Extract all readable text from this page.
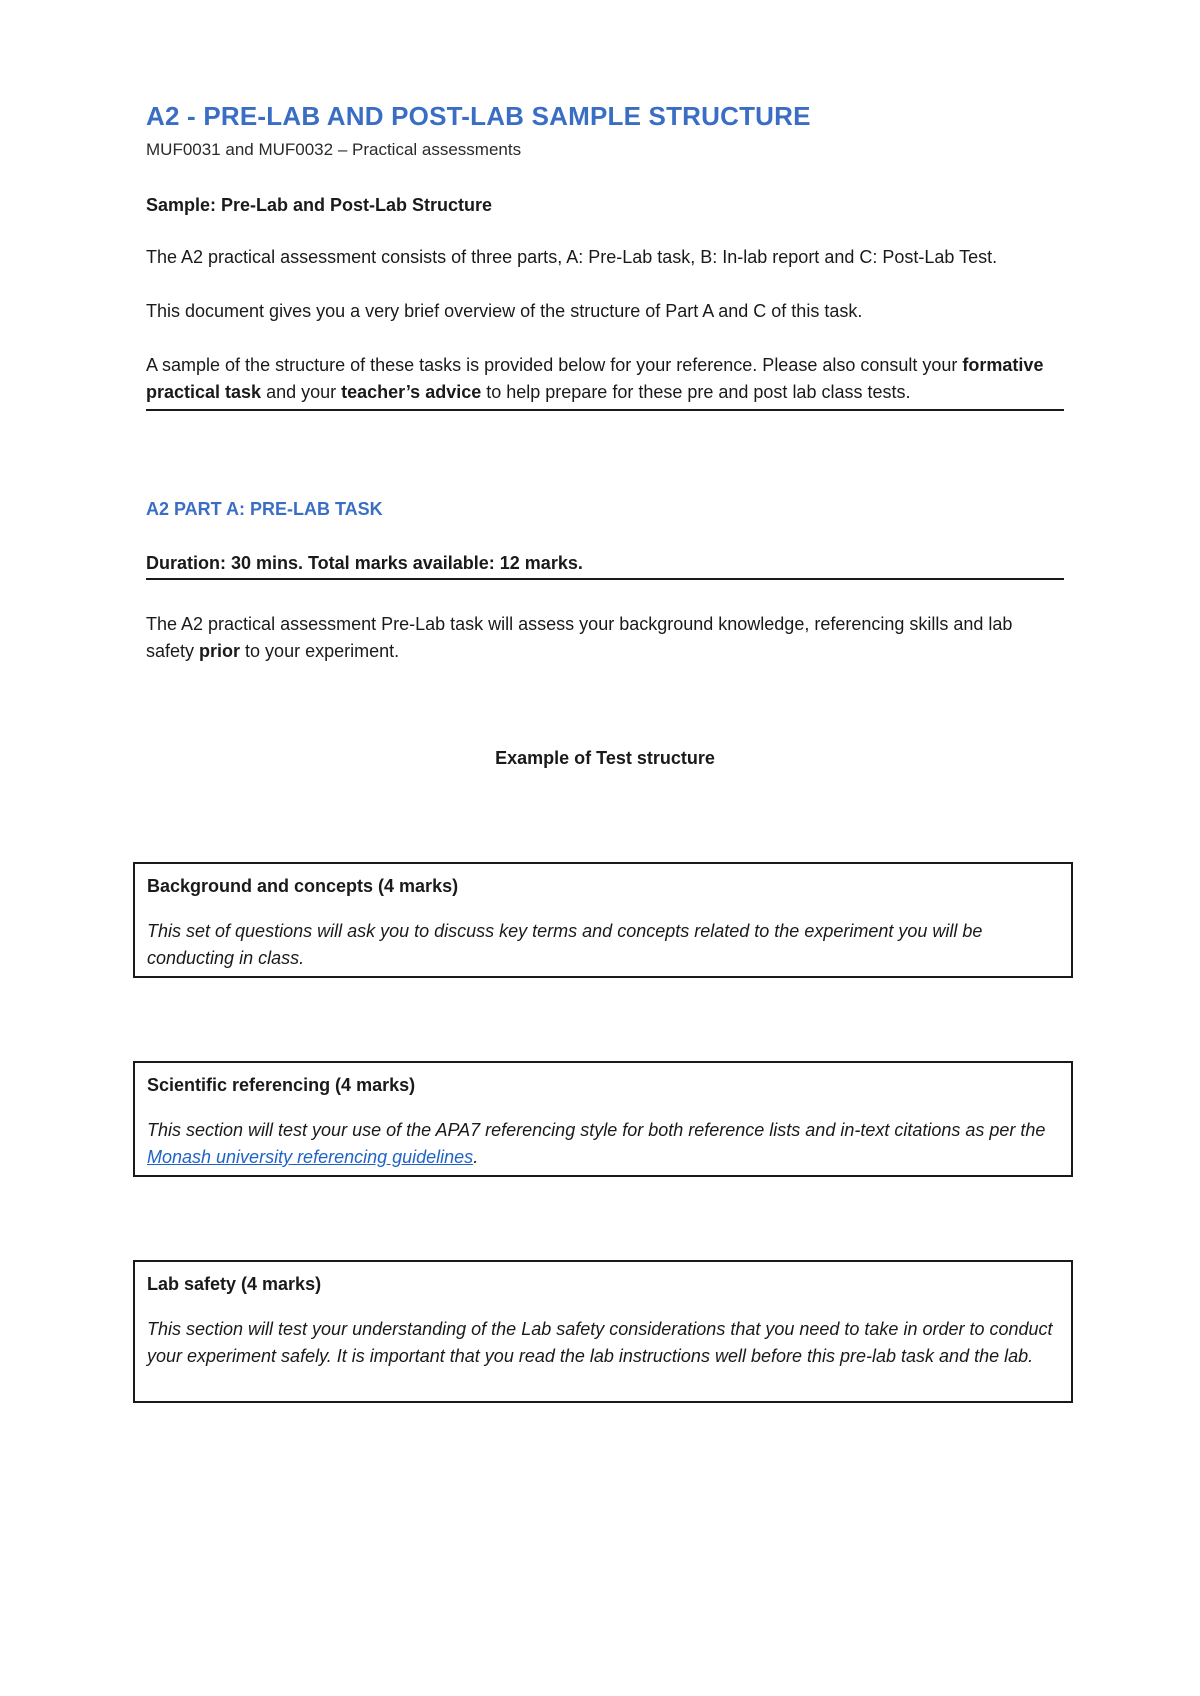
A2 - PRE-LAB AND POST-LAB SAMPLE STRUCTURE
MUF0031 and MUF0032 – Practical assessments
Sample: Pre-Lab and Post-Lab Structure
The A2 practical assessment consists of three parts, A: Pre-Lab task, B: In-lab report and C: Post-Lab Test.
This document gives you a very brief overview of the structure of Part A and C of this task.
A sample of the structure of these tasks is provided below for your reference. Please also consult your formative practical task and your teacher’s advice to help prepare for these pre and post lab class tests.
A2 PART A: PRE-LAB TASK
Duration: 30 mins. Total marks available: 12 marks.
The A2 practical assessment Pre-Lab task will assess your background knowledge, referencing skills and lab safety prior to your experiment.
Example of Test structure
Background and concepts (4 marks)
This set of questions will ask you to discuss key terms and concepts related to the experiment you will be conducting in class.
Scientific referencing (4 marks)
This section will test your use of the APA7 referencing style for both reference lists and in-text citations as per the Monash university referencing guidelines.
Lab safety (4 marks)
This section will test your understanding of the Lab safety considerations that you need to take in order to conduct your experiment safely. It is important that you read the lab instructions well before this pre-lab task and the lab.
